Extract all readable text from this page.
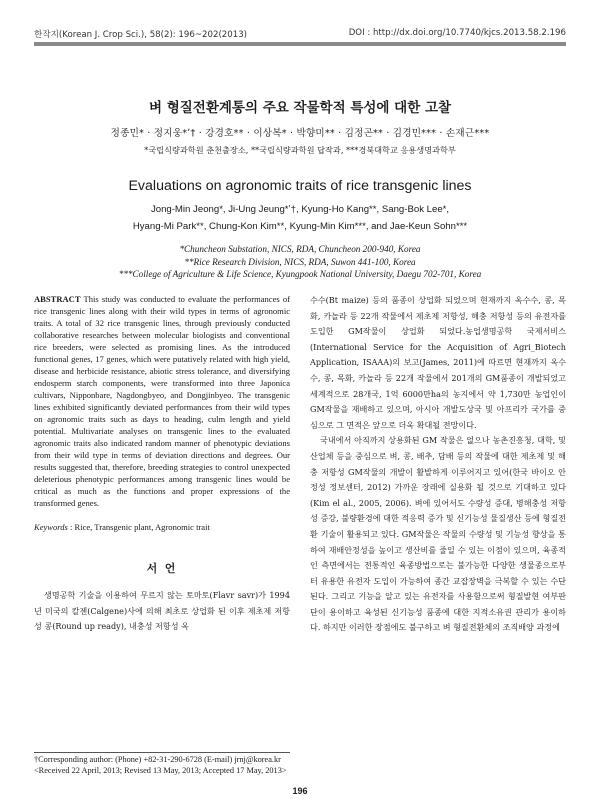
한작지(Korean J. Crop Sci.), 58(2): 196~202(2013)	DOI : http://dx.doi.org/10.7740/kjcs.2013.58.2.196
벼 형질전환계통의 주요 작물학적 특성에 대한 고찰
정종민* · 정지웅*ʼ† · 강경호** · 이상복* · 박향미** · 김정곤** · 김경민*** · 손재근***
*국립식량과학원 춘천출장소, **국립식량과학원 답작과, ***경북대학교 응용생명과학부
Evaluations on agronomic traits of rice transgenic lines
Jong-Min Jeong*, Ji-Ung Jeung*ʼ†, Kyung-Ho Kang**, Sang-Bok Lee*,
Hyang-Mi Park**, Chung-Kon Kim**, Kyung-Min Kim***, and Jae-Keun Sohn***
*Chuncheon Substation, NICS, RDA, Chuncheon 200-940, Korea
**Rice Research Division, NICS, RDA, Suwon 441-100, Korea
***College of Agriculture & Life Science, Kyungpook National University, Daegu 702-701, Korea

ABSTRACT This study was conducted to evaluate the performances of rice transgenic lines along with their wild types in terms of agronomic traits. A total of 32 rice transgenic lines, through previously conducted collaborative researches between molecular biologists and conventional rice breeders, were selected as promising lines. As the introduced functional genes, 17 genes, which were putatively related with high yield, disease and herbicide resistance, abiotic stress tolerance, and diversifying endosperm starch components, were transformed into three Japonica cultivars, Nipponbare, Nagdongbyeo, and Dongjinbyeo. The transgenic lines exhibited significantly deviated performances from their wild types on agronomic traits such as days to heading, culm length and yield potential. Multivariate analyses on transgenic lines to the evaluated agronomic traits also indicated random manner of phenotypic deviations from their wild type in terms of deviation directions and degrees. Our results suggested that, therefore, breeding strategies to control unexpected deleterious phenotypic performances among transgenic lines would be critical as much as the functions and proper expressions of the transformed genes.

Keywords : Rice, Transgenic plant, Agronomic trait
서 언

생명공학 기술을 이용하여 무르지 않는 토마토(Flavr savr)가 1994년 미국의 칼젠(Calgene)사에 의해 최초로 상업화 된 이후 제초제 저항성 콩(Round up ready), 내충성 저항성 옥

수수(Bt maize) 등의 품종이 상업화 되었으며 현재까지 옥수수, 콩, 목화, 카놀라 등 22개 작물에서 제초제 저항성, 해충 저항성 등의 유전자를 도입한 GM작물이 상업화 되었다.농업생명공학 국제서비스(International Service for the Acquisition of Agri_Biotech Application, ISAAA)의 보고(James, 2011)에 따르면 현재까지 옥수수, 콩, 목화, 카놀라 등 22개 작물에서 201개의 GM품종이 개발되었고 세계적으로 28개국, 1억 6000만ha의 농지에서 약 1,730만 농업인이 GM작물을 재배하고 있으며, 아시아 개발도상국 및 아프리카 국가를 중심으로 그 면적은 앞으로 더욱 확대될 전망이다.

국내에서 아직까지 상용화된 GM 작물은 없으나 농촌진흥청, 대학, 및 산업체 등을 중심으로 벼, 콩, 배추, 담배 등의 작물에 대한 제초제 및 해충 저항성 GM작물의 개발이 활발하게 이루어지고 있어(한국 바이오 안정성 정보센터, 2012) 가까운 장래에 실용화 될 것으로 기대하고 있다(Kim el al., 2005, 2006). 벼에 있어서도 수량성 증대, 병해충성 저항성 증강, 불량환경에 대한 적응력 증가 및 신기능성 물질생산 등에 형질전환 기술이 활용되고 있다. GM작물은 작물의 수량성 및 기능성 향상을 통하여 재배안정성을 높이고 생산비를 줄일 수 있는 이점이 있으며, 육종적인 측면에서는 전통적인 육종방법으로는 불가능한 다양한 생물종으로부터 유용한 유전자 도입이 가능하여 종간 교잡장벽을 극복할 수 있는 수단된다. 그리고 기능을 알고 있는 유전자를 사용함으로써 형질발현 여부판단이 용이하고 육성된 신기능성 품종에 대한 지적소유권 관리가 용이하다. 하지만 이러한 장점에도 불구하고 벼 형질전환체의 조직배양 과정에

†Corresponding author: (Phone) +82-31-290-6728 (E-mail) jrnj@korea.kr
<Received 22 April, 2013; Revised 13 May, 2013; Accepted 17 May, 2013>
196
